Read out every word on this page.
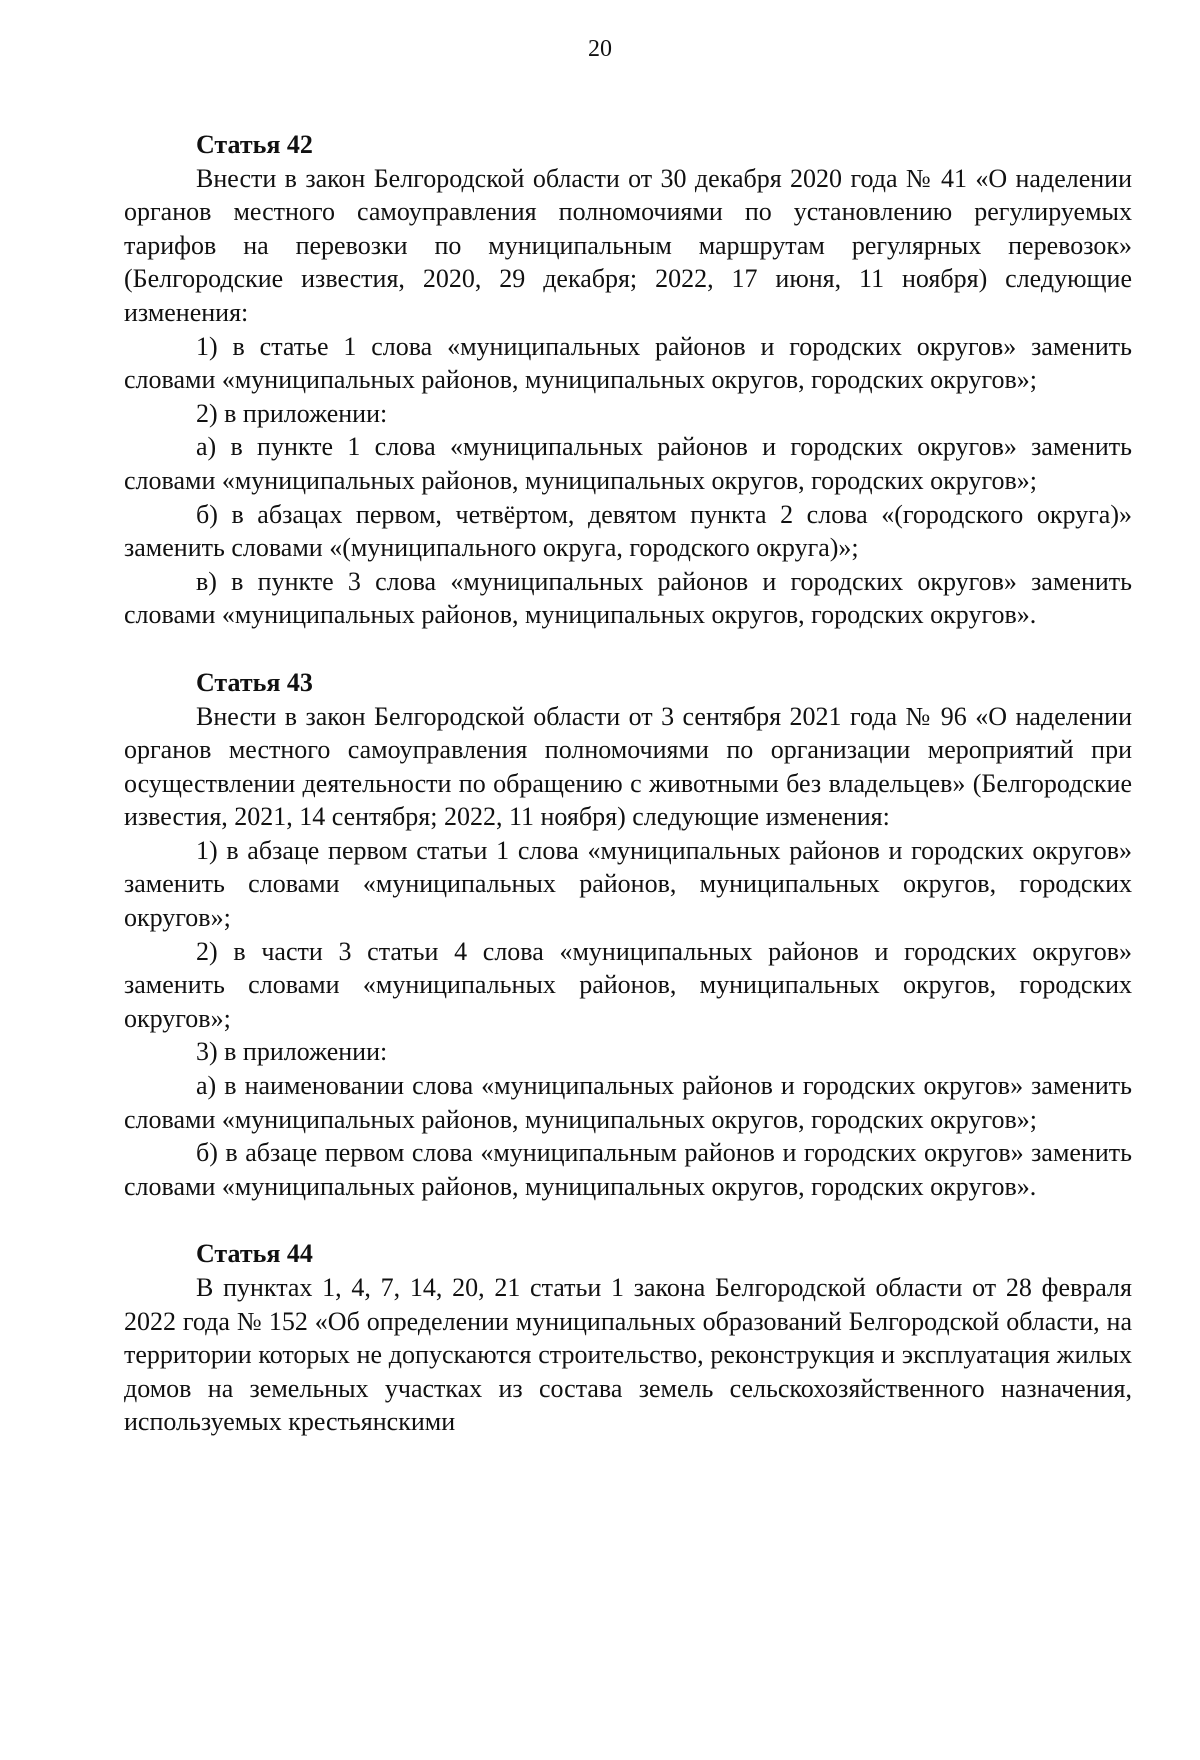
20
Статья 42

Внести в закон Белгородской области от 30 декабря 2020 года № 41 «О наделении органов местного самоуправления полномочиями по установлению регулируемых тарифов на перевозки по муниципальным маршрутам регулярных перевозок» (Белгородские известия, 2020, 29 декабря; 2022, 17 июня, 11 ноября) следующие изменения:

1) в статье 1 слова «муниципальных районов и городских округов» заменить словами «муниципальных районов, муниципальных округов, городских округов»;

2) в приложении:

а) в пункте 1 слова «муниципальных районов и городских округов» заменить словами «муниципальных районов, муниципальных округов, городских округов»;

б) в абзацах первом, четвёртом, девятом пункта 2 слова «(городского округа)» заменить словами «(муниципального округа, городского округа)»;

в) в пункте 3 слова «муниципальных районов и городских округов» заменить словами «муниципальных районов, муниципальных округов, городских округов».

Статья 43

Внести в закон Белгородской области от 3 сентября 2021 года № 96 «О наделении органов местного самоуправления полномочиями по организации мероприятий при осуществлении деятельности по обращению с животными без владельцев» (Белгородские известия, 2021, 14 сентября; 2022, 11 ноября) следующие изменения:

1) в абзаце первом статьи 1 слова «муниципальных районов и городских округов» заменить словами «муниципальных районов, муниципальных округов, городских округов»;

2) в части 3 статьи 4 слова «муниципальных районов и городских округов» заменить словами «муниципальных районов, муниципальных округов, городских округов»;

3) в приложении:

а) в наименовании слова «муниципальных районов и городских округов» заменить словами «муниципальных районов, муниципальных округов, городских округов»;

б) в абзаце первом слова «муниципальным районов и городских округов» заменить словами «муниципальных районов, муниципальных округов, городских округов».

Статья 44

В пунктах 1, 4, 7, 14, 20, 21 статьи 1 закона Белгородской области от 28 февраля 2022 года № 152 «Об определении муниципальных образований Белгородской области, на территории которых не допускаются строительство, реконструкция и эксплуатация жилых домов на земельных участках из состава земель сельскохозяйственного назначения, используемых крестьянскими
